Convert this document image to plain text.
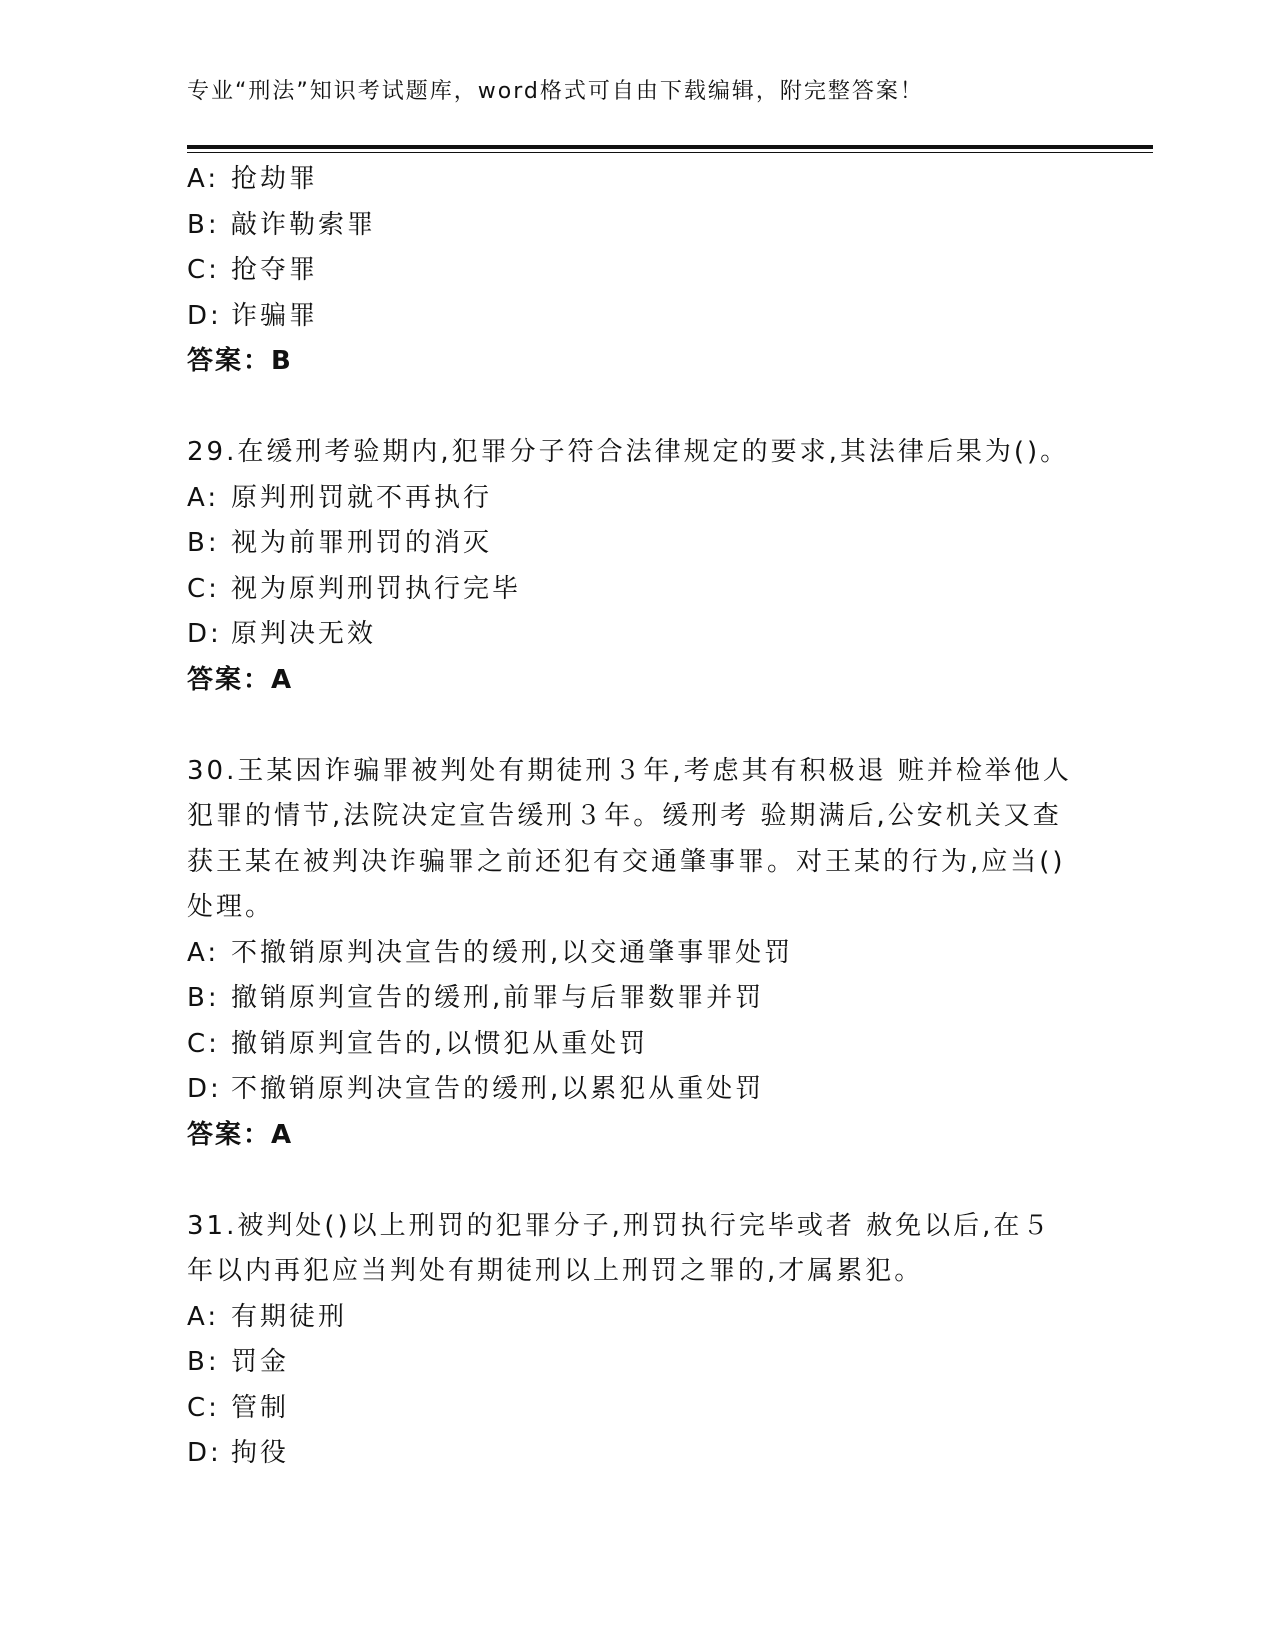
专业“刑法”知识考试题库，word格式可自由下载编辑，附完整答案！
A: 抢劫罪
B: 敲诈勒索罪
C: 抢夺罪
D: 诈骗罪
答案：B
29.在缓刑考验期内,犯罪分子符合法律规定的要求,其法律后果为()。
A: 原判刑罚就不再执行
B: 视为前罪刑罚的消灭
C: 视为原判刑罚执行完毕
D: 原判决无效
答案：A
30.王某因诈骗罪被判处有期徒刑３年,考虑其有积极退 赃并检举他人
犯罪的情节,法院决定宣告缓刑３年。缓刑考 验期满后,公安机关又查
获王某在被判决诈骗罪之前还犯有交通肇事罪。对王某的行为,应当()
处理。
A: 不撤销原判决宣告的缓刑,以交通肇事罪处罚
B: 撤销原判宣告的缓刑,前罪与后罪数罪并罚
C: 撤销原判宣告的,以惯犯从重处罚
D: 不撤销原判决宣告的缓刑,以累犯从重处罚
答案：A
31.被判处()以上刑罚的犯罪分子,刑罚执行完毕或者 赦免以后,在５
年以内再犯应当判处有期徒刑以上刑罚之罪的,才属累犯。
A: 有期徒刑
B: 罚金
C: 管制
D: 拘役
